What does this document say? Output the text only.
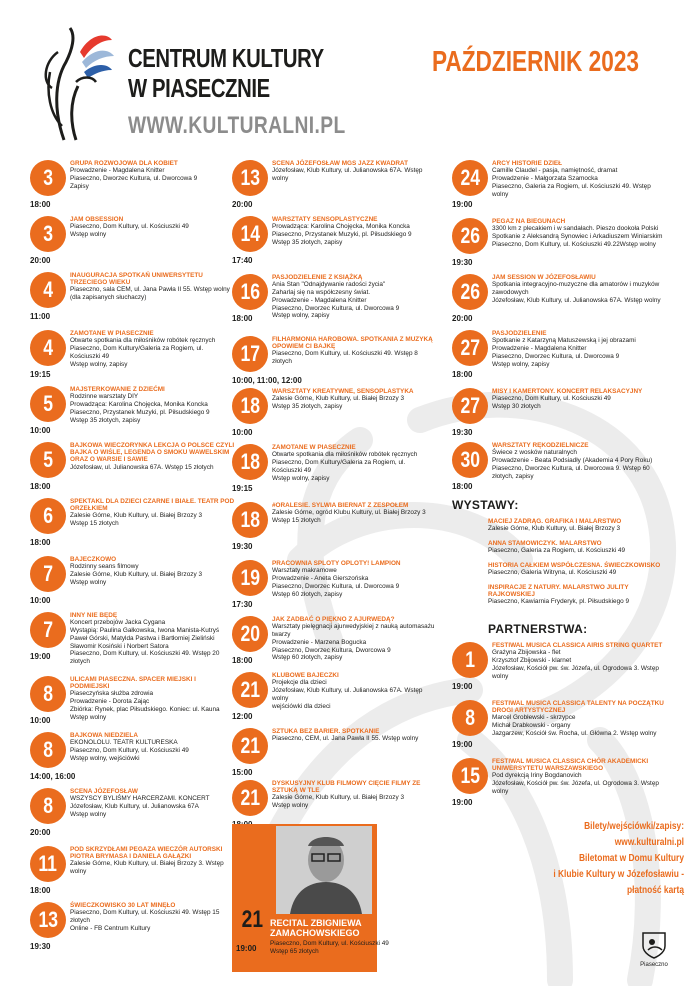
CENTRUM KULTURY
W PIASECZNIE
WWW.KULTURALNI.PL
PAŹDZIERNIK 2023
3
18:00
GRUPA ROZWOJOWA DLA KOBIET
Prowadzenie - Magdalena Knitter
Piaseczno, Dworzec Kultura, ul. Dworcowa 9
Zapisy
3
20:00
JAM OBSESSION
Piaseczno, Dom Kultury, ul. Kościuszki 49
Wstęp wolny
4
11:00
INAUGURACJA SPOTKAŃ UNIWERSYTETU TRZECIEGO WIEKU
Piaseczno, sala CEM, ul. Jana Pawła II 55. Wstęp wolny
(dla zapisanych słuchaczy)
4
19:15
ZAMOTANE W PIASECZNIE
Otwarte spotkania dla miłośników robótek ręcznych
Piaseczno, Dom Kultury/Galeria za Rogiem, ul. Kościuszki 49
Wstęp wolny, zapisy
5
10:00
MAJSTERKOWANIE Z DZIEĆMI
Rodzinne warsztaty DIY
Prowadząca: Karolina Chojęcka, Monika Koncka
Piaseczno, Przystanek Muzyki, pl. Piłsudskiego 9
Wstęp 35 złotych, zapisy
5
18:00
BAJKOWA WIECZORYNKA LEKCJA O POLSCE CZYLI BAJKA O WIŚLE, LEGENDA O SMOKU WAWELSKIM ORAZ O WARSIE I SAWIE
Józefosław, ul. Julianowska 67A. Wstęp 15 złotych
6
18:00
SPEKTAKL DLA DZIECI CZARNE I BIAŁE. TEATR POD ORZEŁKIEM
Zalesie Górne, Klub Kultury, ul. Białej Brzozy 3
Wstęp 15 złotych
7
10:00
BAJECZKOWO
Rodzinny seans filmowy
Zalesie Górne, Klub Kultury, ul. Białej Brzozy 3
Wstęp wolny
7
19:00
INNY NIE BĘDĘ
Koncert przebojów Jacka Cygana
Wystąpią: Paulina Gałkowska, Iwona Manista-Kutryś
Paweł Górski, Matylda Pastwa i Bartłomiej Zieliński
Sławomir Kosiński i Norbert Satora
Piaseczno, Dom Kultury, ul. Kościuszki 49. Wstęp 20 złotych
8
10:00
ULICAMI PIASECZNA. SPACER MIEJSKI I PODMIEJSKI
Piaseczyńska służba zdrowia
Prowadzenie - Dorota Zając
Zbiórka: Rynek, plac Piłsudskiego. Koniec: ul. Kauna
Wstęp wolny
8
14:00, 16:00
BAJKOWA NIEDZIELA
EKONOLOLU. TEATR KULTURESKA
Piaseczno, Dom Kultury, ul. Kościuszki 49
Wstęp wolny, wejściówki
8
20:00
SCENA JÓZEFOSŁAW
WSZYSCY BYLIŚMY HARCERZAMI. KONCERT
Józefosław, Klub Kultury, ul. Julianowska 67A
Wstęp wolny
11
18:00
POD SKRZYDŁAMI PEGAZA WIECZÓR AUTORSKI PIOTRA BRYMASA I DANIELA GAŁĄZKI
Zalesie Górne, Klub Kultury, ul. Białej Brzozy 3. Wstęp wolny
13
19:30
ŚWIECZKOWISKO 30 LAT MINĘŁO
Piaseczno, Dom Kultury, ul. Kościuszki 49. Wstęp 15 złotych
Online - FB Centrum Kultury
13
20:00
SCENA JÓZEFOSŁAW MGS JAZZ KWADRAT
Józefosław, Klub Kultury, ul. Julianowska 67A. Wstęp wolny
14
17:40
WARSZTATY SENSOPLASTYCZNE
Prowadząca: Karolina Chojęcka, Monika Koncka
Piaseczno, Przystanek Muzyki, pl. Piłsudskiego 9
Wstęp 35 złotych, zapisy
16
18:00
PASJODZIELENIE Z KSIĄŻKĄ
Ania Stan "Odnajdywanie radości życia"
Zaharlaj się na współczesny świat.
Prowadzenie - Magdalena Knitter
Piaseczno, Dworzec Kultura, ul. Dworcowa 9
Wstęp wolny, zapisy
17
10:00, 11:00, 12:00
FILHARMONIA HAROBOWA. SPOTKANIA Z MUZYKĄ OPOWIEM CI BAJKĘ
Piaseczno, Dom Kultury, ul. Kościuszki 49. Wstęp 8 złotych
18
10:00
WARSZTATY KREATYWNE, SENSOPLASTYKA
Zalesie Górne, Klub Kultury, ul. Białej Brzozy 3
Wstęp 35 złotych, zapisy
18
19:15
ZAMOTANE W PIASECZNIE
Otwarte spotkania dla miłośników robótek ręcznych
Piaseczno, Dom Kultury/Galeria za Rogiem, ul. Kościuszki 49
Wstęp wolny, zapisy
18
19:30
#ORALESIE. SYLWIA BIERNAT Z ZESPOŁEM
Zalesie Górne, ogród Klubu Kultury, ul. Białej Brzozy 3
Wstęp 15 złotych
19
17:30
PRACOWNIA SPLOTY OPLOTY! LAMPION
Warsztaty makramowe
Prowadzenie - Aneta Gierszońska
Piaseczno, Dworzec Kultura, ul. Dworcowa 9
Wstęp 60 złotych, zapisy
20
18:00
JAK ZADBAĆ O PIĘKNO Z AJURWEDĄ?
Warsztaty pielęgnacji ajurwedyjskiej z nauką automasażu twarzy
Prowadzenie - Marzena Bogucka
Piaseczno, Dworzec Kultura, Dworcowa 9
Wstęp 60 złotych, zapisy
21
12:00
KLUBOWE BAJECZKI
Projekcje dla dzieci
Józefosław, Klub Kultury, ul. Julianowska 67A. Wstęp wolny
wejściówki dla dzieci
21
15:00
SZTUKA BEZ BARIER. SPOTKANIE
Piaseczno, CEM, ul. Jana Pawła II 55. Wstęp wolny
21
DYSKUSYJNY KLUB FILMOWY CIĘCIE FILMY ZE SZTUKĄ W TLE
Zalesie Górne, Klub Kultury, ul. Białej Brzozy 3
Wstęp wolny
24
19:00
ARCY HISTORIE DZIEŁ
Camille Claudel - pasja, namiętność, dramat
Prowadzenie - Małgorzata Szamocka
Piaseczno, Galeria za Rogiem, ul. Kościuszki 49. Wstęp wolny
26
19:30
PEGAZ NA BIEGUNACH
3300 km z plecakiem i w sandałach. Pieszo dookoła Polski
Spotkanie z Aleksandrą Synowiec i Arkadiuszem Winiarskim
Piaseczno, Dom Kultury, ul. Kościuszki 49.22Wstęp wolny
26
20:00
JAM SESSION W JÓZEFOSŁAWIU
Spotkania integracyjno-muzyczne dla amatorów i muzyków zawodowych
Józefosław, Klub Kultury, ul. Julianowska 67A. Wstęp wolny
27
18:00
PASJODZIELENIE
Spotkanie z Katarzyną Matuszewską i jej obrazami
Prowadzenie - Magdalena Knitter
Piaseczno, Dworzec Kultura, ul. Dworcowa 9
Wstęp wolny, zapisy
27
19:30
MISY I KAMERTONY. KONCERT RELAKSACYJNY
Piaseczno, Dom Kultury, ul. Kościuszki 49
Wstęp 30 złotych
30
18:00
WARSZTATY RĘKODZIELNICZE
Świece z wosków naturalnych
Prowadzenie - Beata Podsiadły (Akademia 4 Pory Roku)
Piaseczno, Dworzec Kultura, ul. Dworcowa 9. Wstęp 60 złotych, zapisy
WYSTAWY:
MACIEJ ZADRĄG. GRAFIKA I MALARSTWO
Zalesie Górne, Klub Kultury, ul. Białej Brzozy 3
ANNA STAMOWICZYK. MALARSTWO
Piaseczno, Galeria za Rogiem, ul. Kościuszki 49
HISTORIA CAŁKIEM WSPÓŁCZESNA. ŚWIECZKOWISKO
Piaseczno, Galeria Witryna, ul. Kościuszki 49
INSPIRACJE Z NATURY. MALARSTWO JULITY RAJKOWSKIEJ
Piaseczno, Kawiarnia Fryderyk, pl. Piłsudskiego 9
PARTNERSTWA:
1
19:00
FESTIWAL MUSICA CLASSICA AIRIS STRING QUARTET
Grażyna Zbijowska - flet
Krzysztof Zbijowski - klarnet
Józefosław, Kościół pw. św. Józefa, ul. Ogrodowa 3. Wstęp wolny
8
19:00
FESTIWAL MUSICA CLASSICA TALENTY NA POCZĄTKU DROGI ARTYSTYCZNEJ
Marcel Grobłewski - skrzypce
Michał Drabkowski - organy
Jazgarzew, Kościół św. Rocha, ul. Główna 2. Wstęp wolny
15
19:00
FESTIWAL MUSICA CLASSICA CHÓR AKADEMICKI UNIWERSYTETU WARSZAWSKIEGO
Pod dyrekcją Iriny Bogdanovich
Józefosław, Kościół pw. św. Józefa, ul. Ogrodowa 3. Wstęp wolny
21
19:00
RECITAL ZBIGNIEWA ZAMACHOWSKIEGO
Piaseczno, Dom Kultury, ul. Kościuszki 49
Wstęp 65 złotych
Bilety/wejściówki/zapisy: www.kulturalni.pl
Biletomat w Domu Kultury
i Klubie Kultury w Józefosławiu - płatność kartą
Piaseczno
